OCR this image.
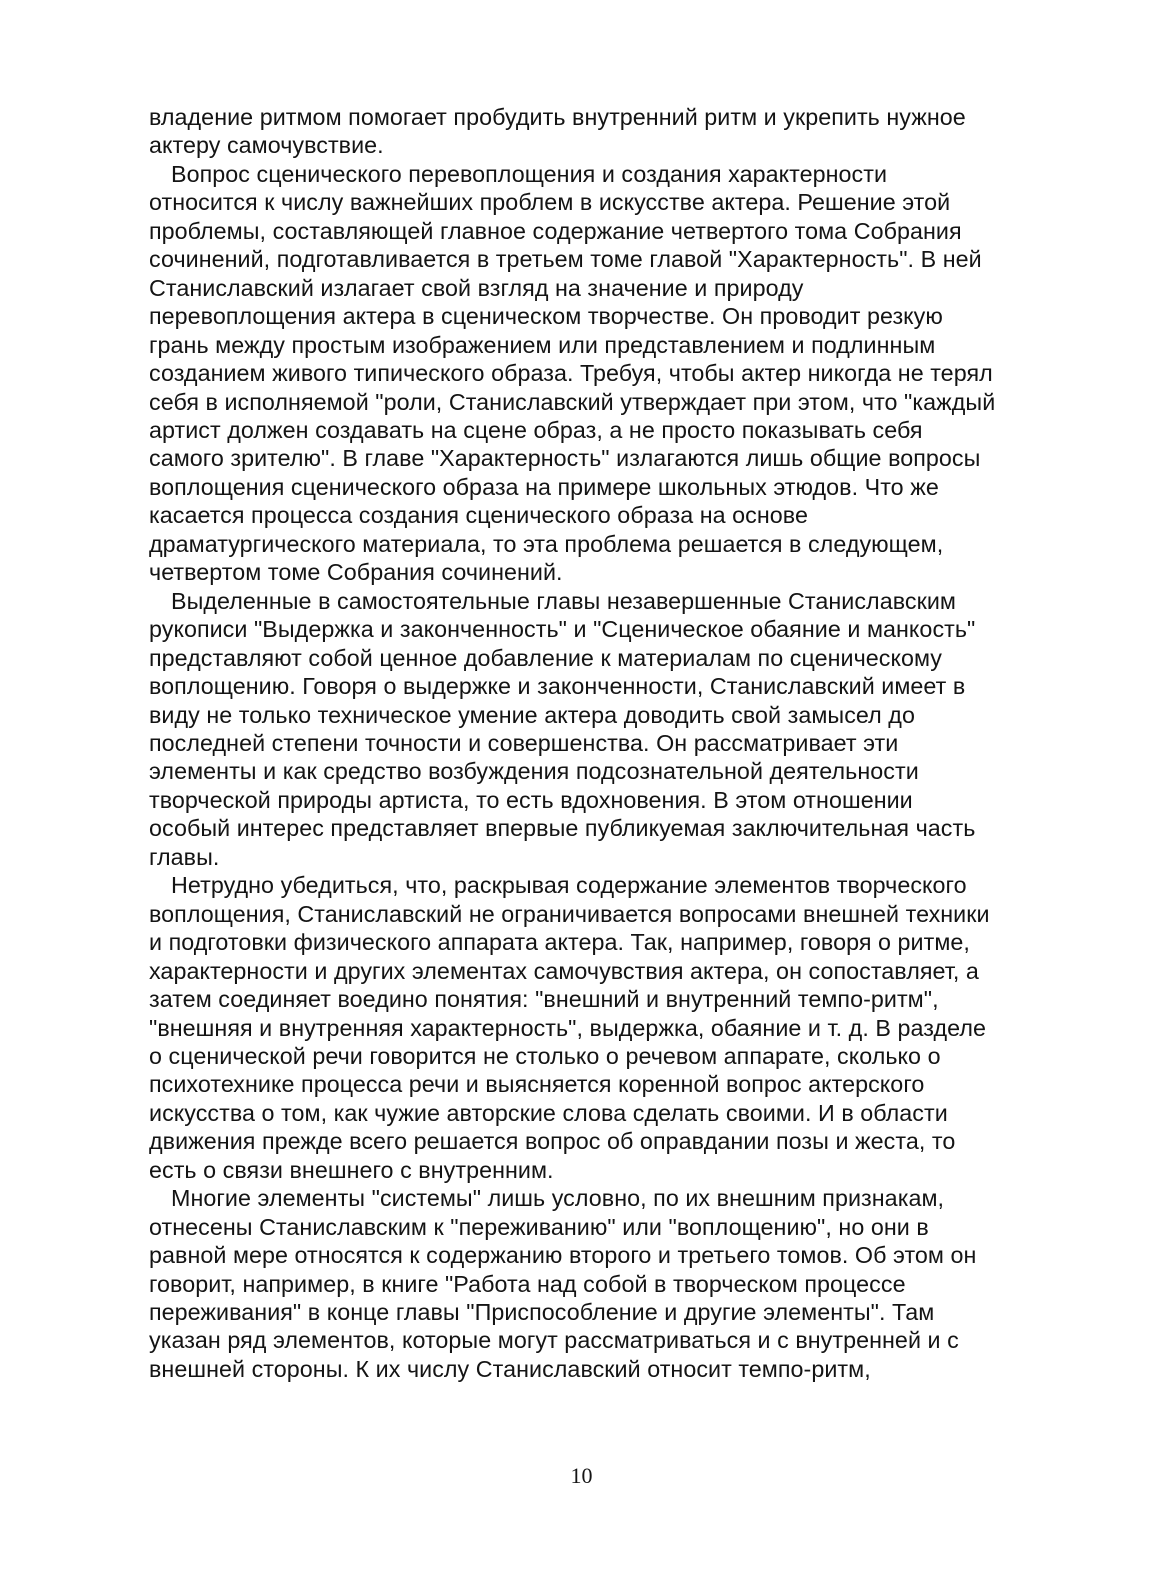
владение ритмом помогает пробудить внутренний ритм и укрепить нужное актеру самочувствие.

Вопрос сценического перевоплощения и создания характерности относится к числу важнейших проблем в искусстве актера. Решение этой проблемы, составляющей главное содержание четвертого тома Собрания сочинений, подготавливается в третьем томе главой "Характерность". В ней Станиславский излагает свой взгляд на значение и природу перевоплощения актера в сценическом творчестве. Он проводит резкую грань между простым изображением или представлением и подлинным созданием живого типического образа. Требуя, чтобы актер никогда не терял себя в исполняемой "роли, Станиславский утверждает при этом, что "каждый артист должен создавать на сцене образ, а не просто показывать себя самого зрителю". В главе "Характерность" излагаются лишь общие вопросы воплощения сценического образа на примере школьных этюдов. Что же касается процесса создания сценического образа на основе драматургического материала, то эта проблема решается в следующем, четвертом томе Собрания сочинений.

Выделенные в самостоятельные главы незавершенные Станиславским рукописи "Выдержка и законченность" и "Сценическое обаяние и манкость" представляют собой ценное добавление к материалам по сценическому воплощению. Говоря о выдержке и законченности, Станиславский имеет в виду не только техническое умение актера доводить свой замысел до последней степени точности и совершенства. Он рассматривает эти элементы и как средство возбуждения подсознательной деятельности творческой природы артиста, то есть вдохновения. В этом отношении особый интерес представляет впервые публикуемая заключительная часть главы.

Нетрудно убедиться, что, раскрывая содержание элементов творческого воплощения, Станиславский не ограничивается вопросами внешней техники и подготовки физического аппарата актера. Так, например, говоря о ритме, характерности и других элементах самочувствия актера, он сопоставляет, а затем соединяет воедино понятия: "внешний и внутренний темпо-ритм", "внешняя и внутренняя характерность", выдержка, обаяние и т. д. В разделе о сценической речи говорится не столько о речевом аппарате, сколько о психотехнике процесса речи и выясняется коренной вопрос актерского искусства о том, как чужие авторские слова сделать своими. И в области движения прежде всего решается вопрос об оправдании позы и жеста, то есть о связи внешнего с внутренним.

Многие элементы "системы" лишь условно, по их внешним признакам, отнесены Станиславским к "переживанию" или "воплощению", но они в равной мере относятся к содержанию второго и третьего томов. Об этом он говорит, например, в книге "Работа над собой в творческом процессе переживания" в конце главы "Приспособление и другие элементы". Там указан ряд элементов, которые могут рассматриваться и с внутренней и с внешней стороны. К их числу Станиславский относит темпо-ритм,

10
